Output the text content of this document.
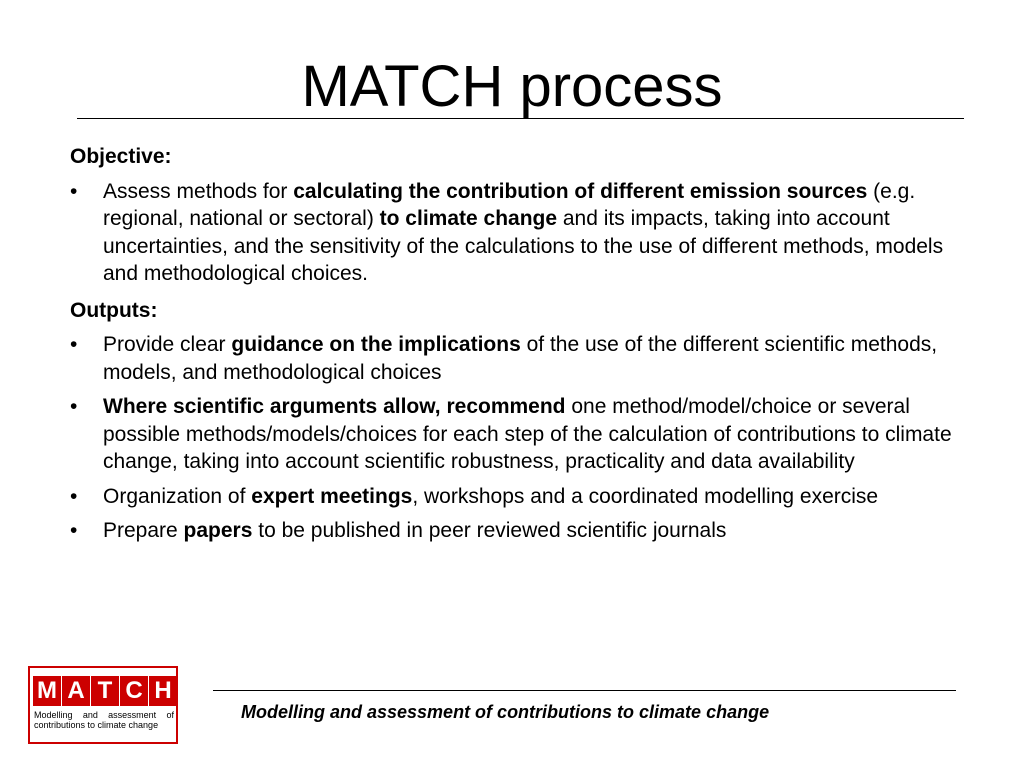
MATCH process
Objective:
•	Assess methods for calculating the contribution of different emission sources (e.g. regional, national or sectoral) to climate change and its impacts, taking into account uncertainties, and the sensitivity of the calculations to the use of different methods, models and methodological choices.
Outputs:
•	Provide clear guidance on the implications of the use of the different scientific methods, models, and methodological choices
•	Where scientific arguments allow, recommend one method/model/choice or several possible methods/models/choices for each step of the calculation of contributions to climate change, taking into account scientific robustness, practicality and data availability
•	Organization of expert meetings, workshops and a coordinated modelling exercise
•	Prepare papers to be published in peer reviewed scientific journals
M A T C H
Modelling and assessment of contributions to climate change
Modelling and assessment of contributions to climate change
